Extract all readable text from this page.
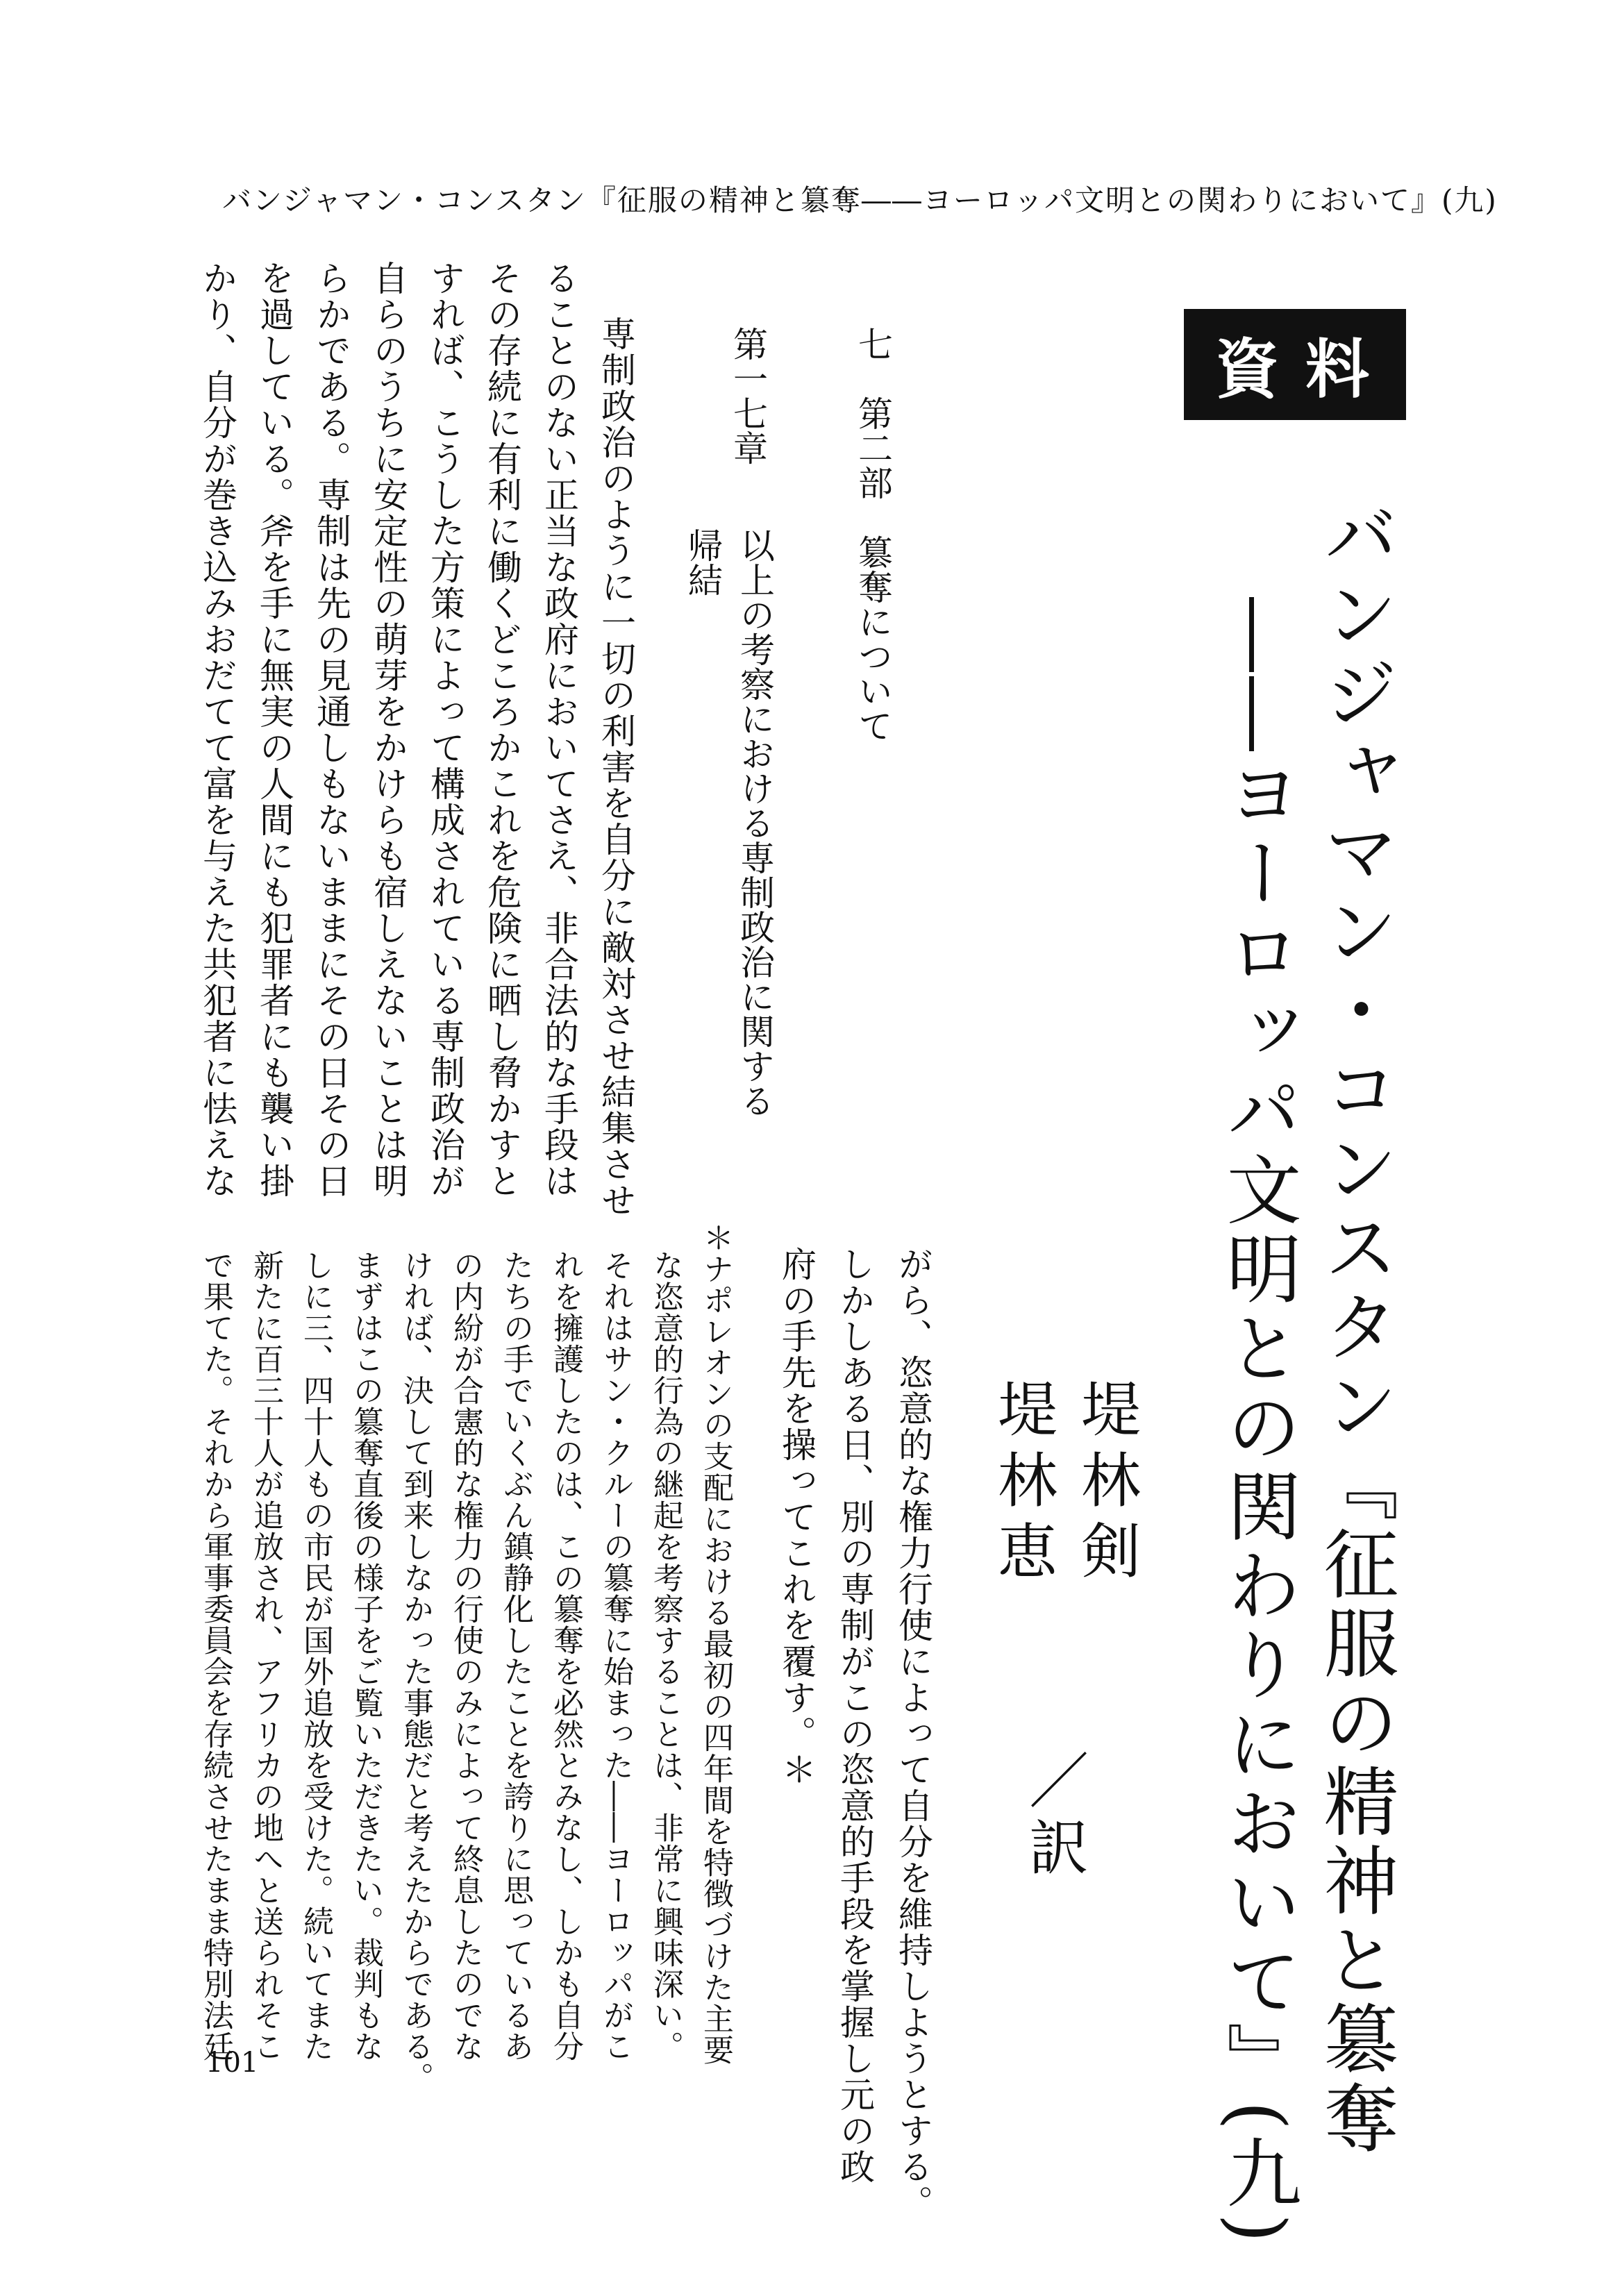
バンジャマン・コンスタン『征服の精神と簒奪――ヨーロッパ文明との関わりにおいて』(九)
資料
バンジャマン・コンスタン『征服の精神と簒奪
――ヨーロッパ文明との関わりにおいて』(九)
堤林剣
堤林恵
／訳
七　第二部　簒奪について
第一七章
以上の考察における専制政治に関する
帰結
専制政治のように一切の利害を自分に敵対させ結集させ
ることのない正当な政府においてさえ、非合法的な手段は
その存続に有利に働くどころかこれを危険に晒し脅かすと
すれば、こうした方策によって構成されている専制政治が
自らのうちに安定性の萌芽をかけらも宿しえないことは明
らかである。専制は先の見通しもないままにその日その日
を過している。斧を手に無実の人間にも犯罪者にも襲い掛
かり、自分が巻き込みおだてて富を与えた共犯者に怯えな
がら、恣意的な権力行使によって自分を維持しようとする。
しかしある日、別の専制がこの恣意的手段を掌握し元の政
府の手先を操ってこれを覆す。＊
＊ナポレオンの支配における最初の四年間を特徴づけた主要
な恣意的行為の継起を考察することは、非常に興味深い。
それはサン・クルーの簒奪に始まった――ヨーロッパがこ
れを擁護したのは、この簒奪を必然とみなし、しかも自分
たちの手でいくぶん鎮静化したことを誇りに思っているあ
の内紛が合憲的な権力の行使のみによって終息したのでな
ければ、決して到来しなかった事態だと考えたからである。
まずはこの簒奪直後の様子をご覧いただきたい。裁判もな
しに三、四十人もの市民が国外追放を受けた。続いてまた
新たに百三十人が追放され、アフリカの地へと送られそこ
で果てた。それから軍事委員会を存続させたまま特別法廷
101
